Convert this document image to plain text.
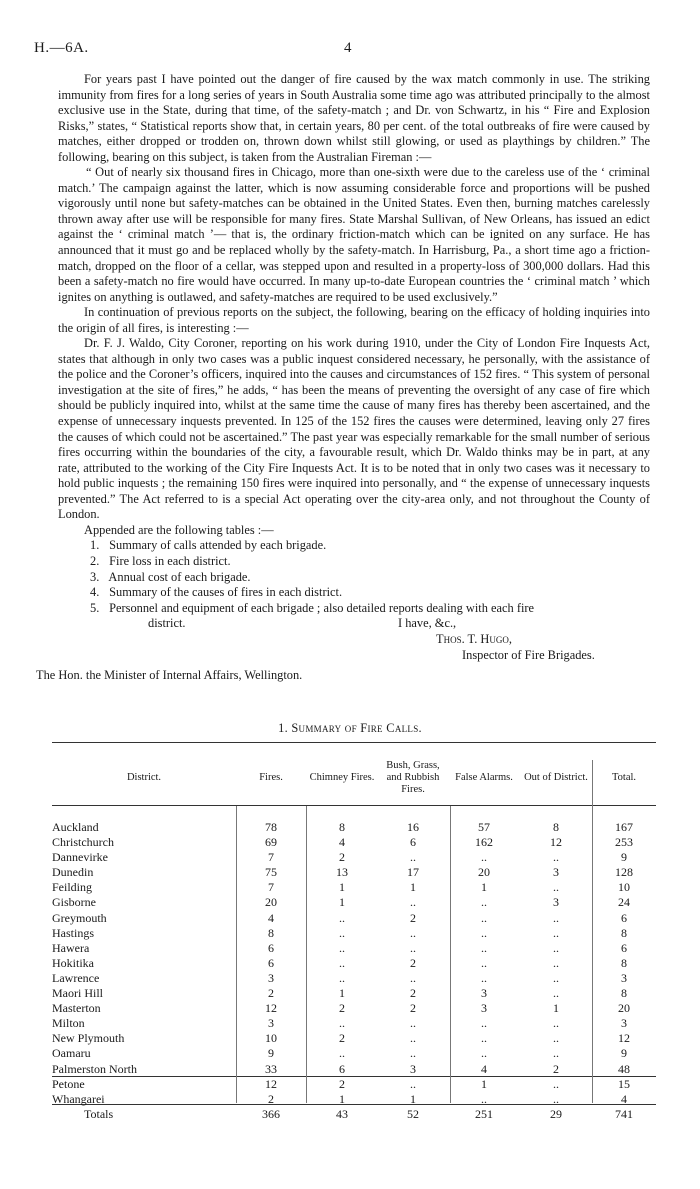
H.—6A.	4

For years past I have pointed out the danger of fire caused by the wax match commonly in use. The striking immunity from fires for a long series of years in South Australia some time ago was attributed principally to the almost exclusive use in the State, during that time, of the safety-match ; and Dr. von Schwartz, in his “ Fire and Explosion Risks,” states, “ Statistical reports show that, in certain years, 80 per cent. of the total outbreaks of fire were caused by matches, either dropped or trodden on, thrown down whilst still glowing, or used as playthings by children.” The following, bearing on this subject, is taken from the Australian Fireman :—

“ Out of nearly six thousand fires in Chicago, more than one-sixth were due to the careless use of the ‘ criminal match.’ The campaign against the latter, which is now assuming considerable force and proportions will be pushed vigorously until none but safety-matches can be obtained in the United States. Even then, burning matches carelessly thrown away after use will be responsible for many fires. State Marshal Sullivan, of New Orleans, has issued an edict against the ‘ criminal match ’— that is, the ordinary friction-match which can be ignited on any surface. He has announced that it must go and be replaced wholly by the safety-match. In Harrisburg, Pa., a short time ago a friction-match, dropped on the floor of a cellar, was stepped upon and resulted in a property-loss of 300,000 dollars. Had this been a safety-match no fire would have occurred. In many up-to-date European countries the ‘ criminal match ’ which ignites on anything is outlawed, and safety-matches are required to be used exclusively.”

In continuation of previous reports on the subject, the following, bearing on the efficacy of holding inquiries into the origin of all fires, is interesting :—

Dr. F. J. Waldo, City Coroner, reporting on his work during 1910, under the City of London Fire Inquests Act, states that although in only two cases was a public inquest considered necessary, he personally, with the assistance of the police and the Coroner’s officers, inquired into the causes and circumstances of 152 fires. “ This system of personal investigation at the site of fires,” he adds, “ has been the means of preventing the oversight of any case of fire which should be publicly inquired into, whilst at the same time the cause of many fires has thereby been ascertained, and the expense of unnecessary inquests prevented. In 125 of the 152 fires the causes were determined, leaving only 27 fires the causes of which could not be ascertained.” The past year was especially remarkable for the small number of serious fires occurring within the boundaries of the city, a favourable result, which Dr. Waldo thinks may be in part, at any rate, attributed to the working of the City Fire Inquests Act. It is to be noted that in only two cases was it necessary to hold public inquests ; the remaining 150 fires were inquired into personally, and “ the expense of unnecessary inquests prevented.” The Act referred to is a special Act operating over the city-area only, and not throughout the County of London.

Appended are the following tables :—

1. Summary of calls attended by each brigade.
2. Fire loss in each district.
3. Annual cost of each brigade.
4. Summary of the causes of fires in each district.
5. Personnel and equipment of each brigade ; also detailed reports dealing with each fire
district.	I have, &c.,
Thos. T. Hugo,
Inspector of Fire Brigades.
The Hon. the Minister of Internal Affairs, Wellington.
1. Summary of Fire Calls.
District.	Fires.	Chimney Fires.	Bush, Grass, and Rubbish Fires.	False Alarms.	Out of District.	Total.
Auckland	78	8	16	57	8	167
Christchurch	69	4	6	162	12	253
Dannevirke	7	2	..	..	..	9
Dunedin	75	13	17	20	3	128
Feilding	7	1	1	1	..	10
Gisborne	20	1	..	..	3	24
Greymouth	4	..	2	..	..	6
Hastings	8	..	..	..	..	8
Hawera	6	..	..	..	..	6
Hokitika	6	..	2	..	..	8
Lawrence	3	..	..	..	..	3
Maori Hill	2	1	2	3	..	8
Masterton	12	2	2	3	1	20
Milton	3	..	..	..	..	3
New Plymouth	10	2	..	..	..	12
Oamaru	9	..	..	..	..	9
Palmerston North	33	6	3	4	2	48
Petone	12	2	..	1	..	15
Whangarei	2	1	1	..	..	4
Totals	366	43	52	251	29	741
